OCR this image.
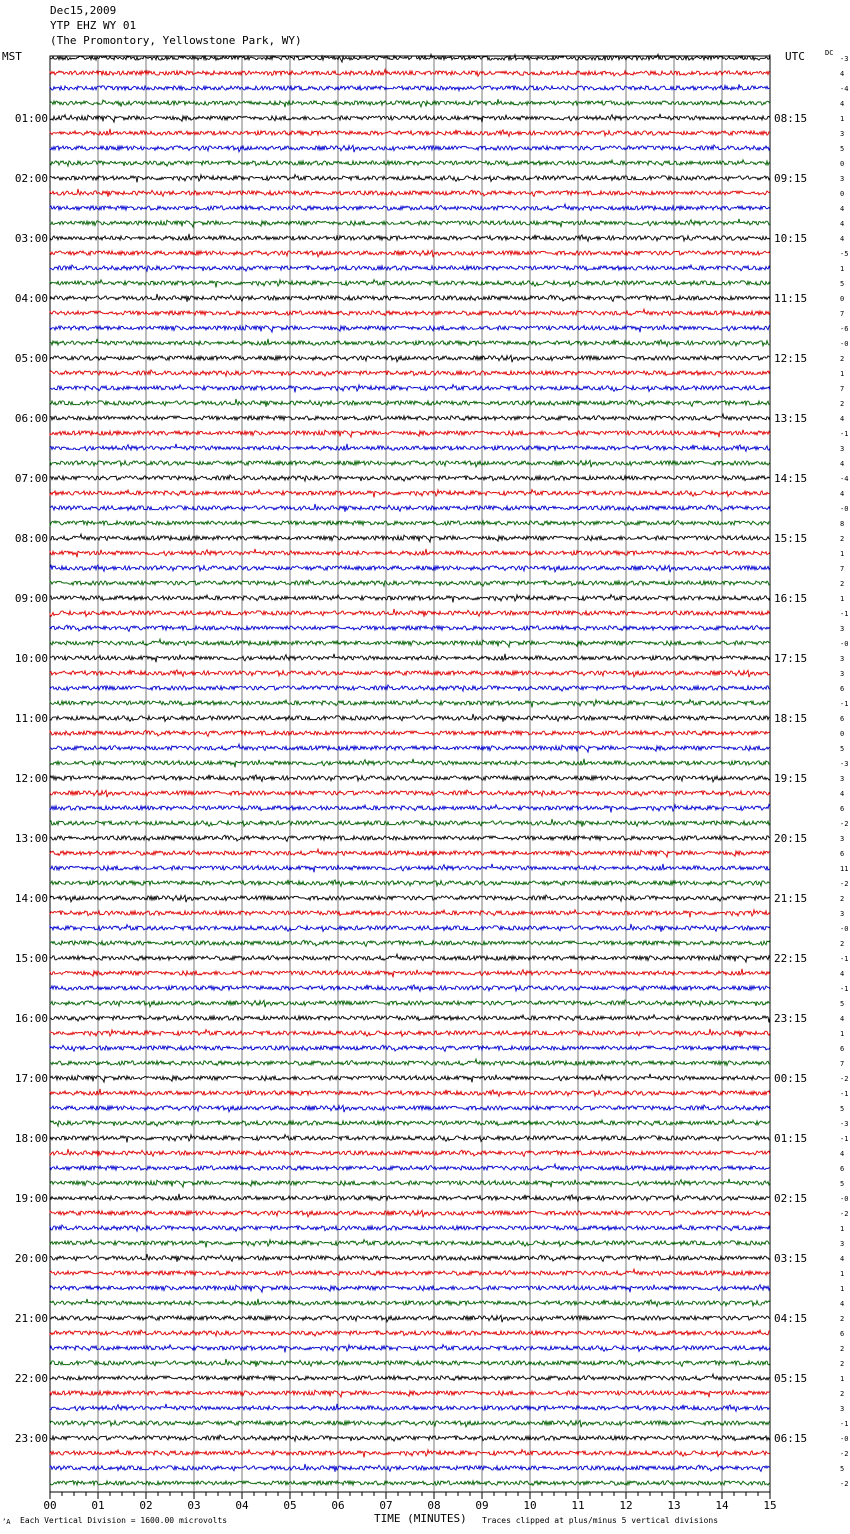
Dec15,2009
YTP EHZ WY 01
(The Promontory, Yellowstone Park, WY)
MST	UTC	DC
-3
4
-4
4
1
01:00	08:15
3
5
0
3
02:00	09:15
0
4
4
4
03:00	10:15
-5
1
5
0
04:00	11:15
7
-6
-0
2
05:00	12:15
1
7
2
4
06:00	13:15
-1
3
4
-4
07:00	14:15
4
-0
8
2
08:00	15:15
1
7
2
1
09:00	16:15
-1
3
-0
3
10:00	17:15
3
6
-1
6
11:00	18:15
0
5
-3
3
12:00	19:15
4
6
-2
3
13:00	20:15
6
11
-2
2
14:00	21:15
3
-0
2
-1
15:00	22:15
4
-1
5
4
16:00	23:15
1
6
7
-2
17:00	00:15
-1
5
-3
-1
18:00	01:15
4
6
5
-0
19:00	02:15
-2
1
3
4
20:00	03:15
1
1
4
2
21:00	04:15
6
2
2
1
22:00	05:15
2
3
-1
-0
23:00	06:15
-2
5
-2
00	01	02	03	04	05	06	07	08	09	10	11	12	13	14	15
’A Each Vertical Division = 1600.00 microvolts	TIME (MINUTES) Traces clipped at plus/minus 5 vertical divisions
